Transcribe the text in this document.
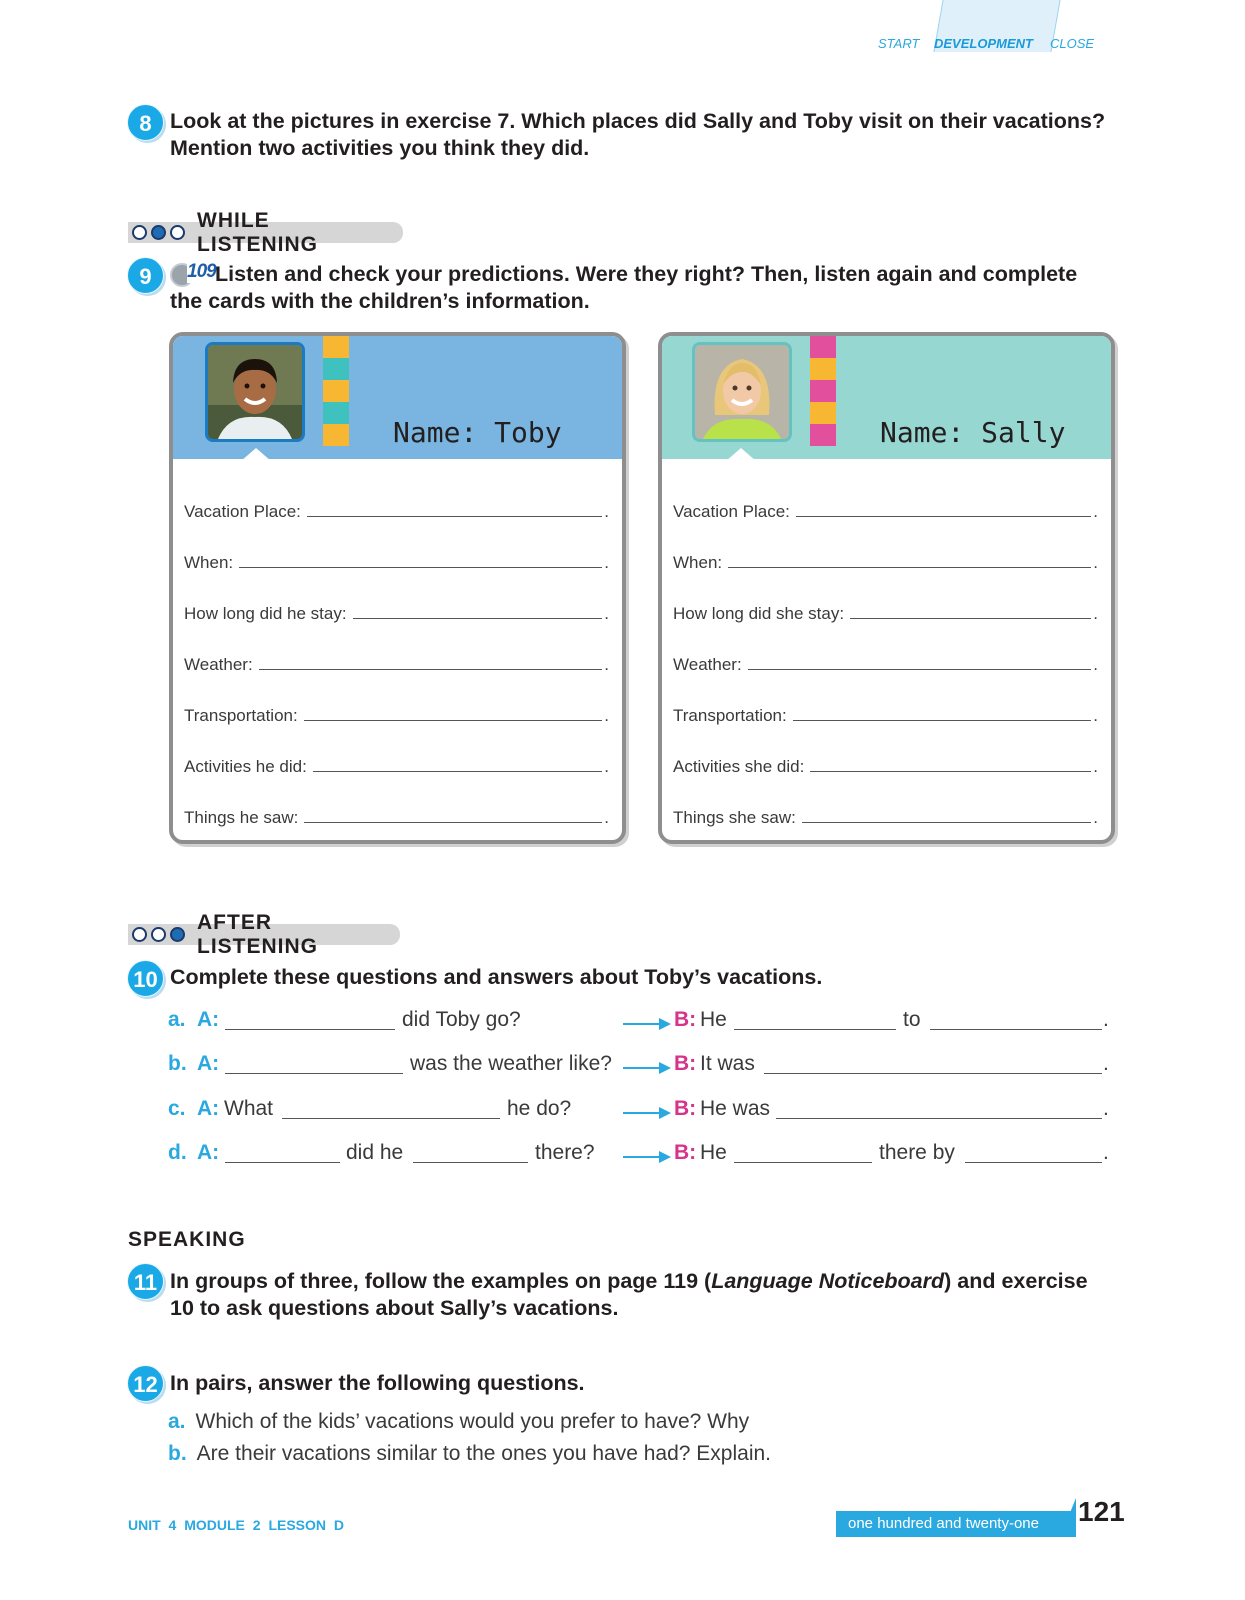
START DEVELOPMENT CLOSE
8 Look at the pictures in exercise 7. Which places did Sally and Toby visit on their vacations?
Mention two activities you think they did.
WHILE LISTENING
9	109 Listen and check your predictions. Were they right? Then, listen again and complete
the cards with the children’s information.
Name: Toby
Vacation Place:	.
When:	.
How long did he stay:	.
Weather:	.
Transportation:	.
Activities he did:	.
Things he saw:	.
Name: Sally
Vacation Place:	.
When:	.
How long did she stay:	.
Weather:	.
Transportation:	.
Activities she did:	.
Things she saw:	.
AFTER LISTENING
10 Complete these questions and answers about Toby’s vacations.
a. A:	did Toby go?	B: He	to	.
b. A:	was the weather like?	B: It was	.
c. A: What	he do?	B: He was	.
d. A:	did he	there?	B: He	there by	.
SPEAKING
11 In groups of three, follow the examples on page 119 (Language Noticeboard) and exercise
10 to ask questions about Sally’s vacations.
12 In pairs, answer the following questions.
a. Which of the kids’ vacations would you prefer to have? Why
b. Are their vacations similar to the ones you have had? Explain.
UNIT 4 MODULE 2 LESSON D	one hundred and twenty-one	121
